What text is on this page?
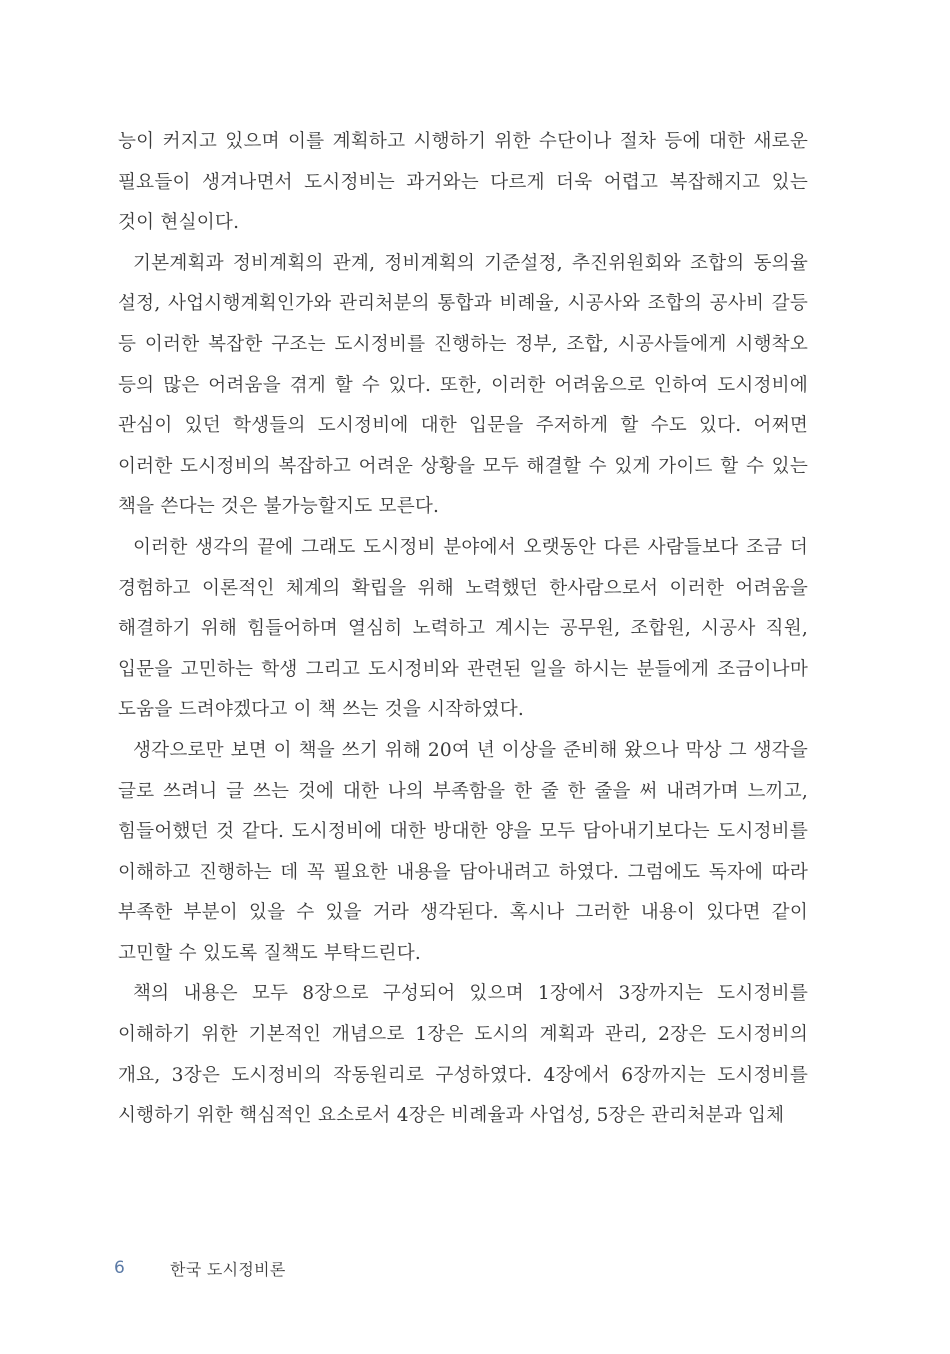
능이 커지고 있으며 이를 계획하고 시행하기 위한 수단이나 절차 등에 대한 새로운 필요들이 생겨나면서 도시정비는 과거와는 다르게 더욱 어렵고 복잡해지고 있는 것이 현실이다.

기본계획과 정비계획의 관계, 정비계획의 기준설정, 추진위원회와 조합의 동의율 설정, 사업시행계획인가와 관리처분의 통합과 비례율, 시공사와 조합의 공사비 갈등 등 이러한 복잡한 구조는 도시정비를 진행하는 정부, 조합, 시공사들에게 시행착오 등의 많은 어려움을 겪게 할 수 있다. 또한, 이러한 어려움으로 인하여 도시정비에 관심이 있던 학생들의 도시정비에 대한 입문을 주저하게 할 수도 있다. 어쩌면 이러한 도시정비의 복잡하고 어려운 상황을 모두 해결할 수 있게 가이드 할 수 있는 책을 쓴다는 것은 불가능할지도 모른다.

이러한 생각의 끝에 그래도 도시정비 분야에서 오랫동안 다른 사람들보다 조금 더 경험하고 이론적인 체계의 확립을 위해 노력했던 한사람으로서 이러한 어려움을 해결하기 위해 힘들어하며 열심히 노력하고 계시는 공무원, 조합원, 시공사 직원, 입문을 고민하는 학생 그리고 도시정비와 관련된 일을 하시는 분들에게 조금이나마 도움을 드려야겠다고 이 책 쓰는 것을 시작하였다.

생각으로만 보면 이 책을 쓰기 위해 20여 년 이상을 준비해 왔으나 막상 그 생각을 글로 쓰려니 글 쓰는 것에 대한 나의 부족함을 한 줄 한 줄을 써 내려가며 느끼고, 힘들어했던 것 같다. 도시정비에 대한 방대한 양을 모두 담아내기보다는 도시정비를 이해하고 진행하는 데 꼭 필요한 내용을 담아내려고 하였다. 그럼에도 독자에 따라 부족한 부분이 있을 수 있을 거라 생각된다. 혹시나 그러한 내용이 있다면 같이 고민할 수 있도록 질책도 부탁드린다.

책의 내용은 모두 8장으로 구성되어 있으며 1장에서 3장까지는 도시정비를 이해하기 위한 기본적인 개념으로 1장은 도시의 계획과 관리, 2장은 도시정비의 개요, 3장은 도시정비의 작동원리로 구성하였다. 4장에서 6장까지는 도시정비를 시행하기 위한 핵심적인 요소로서 4장은 비례율과 사업성, 5장은 관리처분과 입체

6	한국 도시정비론
